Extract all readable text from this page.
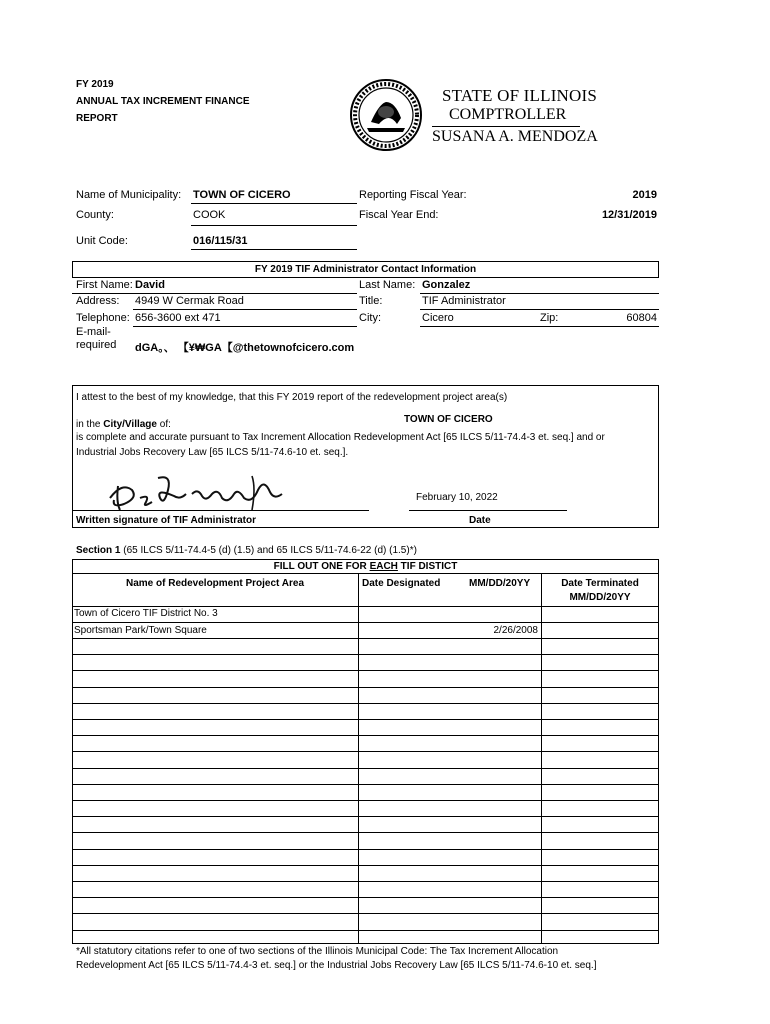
FY 2019
ANNUAL TAX INCREMENT FINANCE
REPORT
STATE OF ILLINOIS
COMPTROLLER
SUSANA A. MENDOZA
Name of Municipality: TOWN OF CICERO
County:	COOK
Unit Code:	016/115/31
Reporting Fiscal Year:	2019
Fiscal Year End:	12/31/2019
FY 2019 TIF Administrator Contact Information
First Name: David	Last Name: Gonzalez
Address: 4949 W Cermak Road	Title:	TIF Administrator
Telephone: 656-3600 ext 471	City:	Cicero	Zip:	60804
E-mail-
required dGA。、 【¥₩GA【@thetownofcicero.com
I attest to the best of my knowledge, that this FY 2019 report of the redevelopment project area(s)
in the City/Village of:	TOWN OF CICERO
is complete and accurate pursuant to Tax Increment Allocation Redevelopment Act [65 ILCS 5/11-74.4-3 et. seq.] and or
Industrial Jobs Recovery Law [65 ILCS 5/11-74.6-10 et. seq.].
February 10, 2022
Written signature of TIF Administrator	Date
Section 1 (65 ILCS 5/11-74.4-5 (d) (1.5) and 65 ILCS 5/11-74.6-22 (d) (1.5)*)
FILL OUT ONE FOR EACH TIF DISTICT
Name of Redevelopment Project Area	Date Designated	MM/DD/20YY	Date Terminated
MM/DD/20YY
Town of Cicero TIF District No. 3
Sportsman Park/Town Square	2/26/2008
*All statutory citations refer to one of two sections of the Illinois Municipal Code: The Tax Increment Allocation
Redevelopment Act [65 ILCS 5/11-74.4-3 et. seq.] or the Industrial Jobs Recovery Law [65 ILCS 5/11-74.6-10 et. seq.]
